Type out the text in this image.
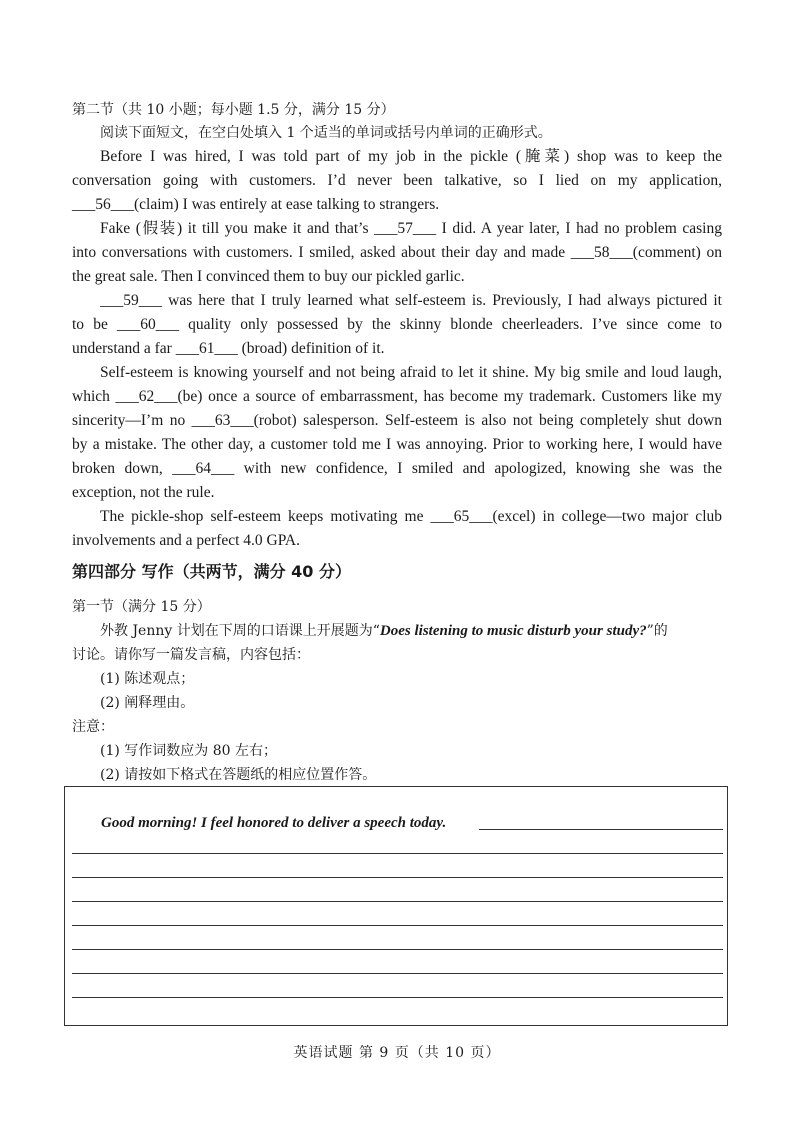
第二节（共 10 小题；每小题 1.5 分，满分 15 分）
阅读下面短文，在空白处填入 1 个适当的单词或括号内单词的正确形式。
Before I was hired, I was told part of my job in the pickle (腌菜) shop was to keep the
conversation going with customers. I’d never been talkative, so I lied on my application,
___56___(claim) I was entirely at ease talking to strangers.
Fake (假装) it till you make it and that’s ___57___ I did. A year later, I had no problem casing
into conversations with customers. I smiled, asked about their day and made ___58___(comment) on
the great sale. Then I convinced them to buy our pickled garlic.
___59___ was here that I truly learned what self-esteem is. Previously, I had always pictured it
to be ___60___ quality only possessed by the skinny blonde cheerleaders. I’ve since come to
understand a far ___61___ (broad) definition of it.
Self-esteem is knowing yourself and not being afraid to let it shine. My big smile and loud laugh,
which ___62___(be) once a source of embarrassment, has become my trademark. Customers like my
sincerity—I’m no ___63___(robot) salesperson. Self-esteem is also not being completely shut down
by a mistake. The other day, a customer told me I was annoying. Prior to working here, I would have
broken down, ___64___ with new confidence, I smiled and apologized, knowing she was the
exception, not the rule.
The pickle-shop self-esteem keeps motivating me ___65___(excel) in college—two major club
involvements and a perfect 4.0 GPA.
第四部分 写作（共两节，满分 40 分）
第一节（满分 15 分）
外教 Jenny 计划在下周的口语课上开展题为“Does listening to music disturb your study?”的
讨论。请你写一篇发言稿，内容包括：
(1) 陈述观点；
(2) 阐释理由。
注意：
(1) 写作词数应为 80 左右；
(2) 请按如下格式在答题纸的相应位置作答。
Good morning! I feel honored to deliver a speech today.
英语试题 第 9 页（共 10 页）
